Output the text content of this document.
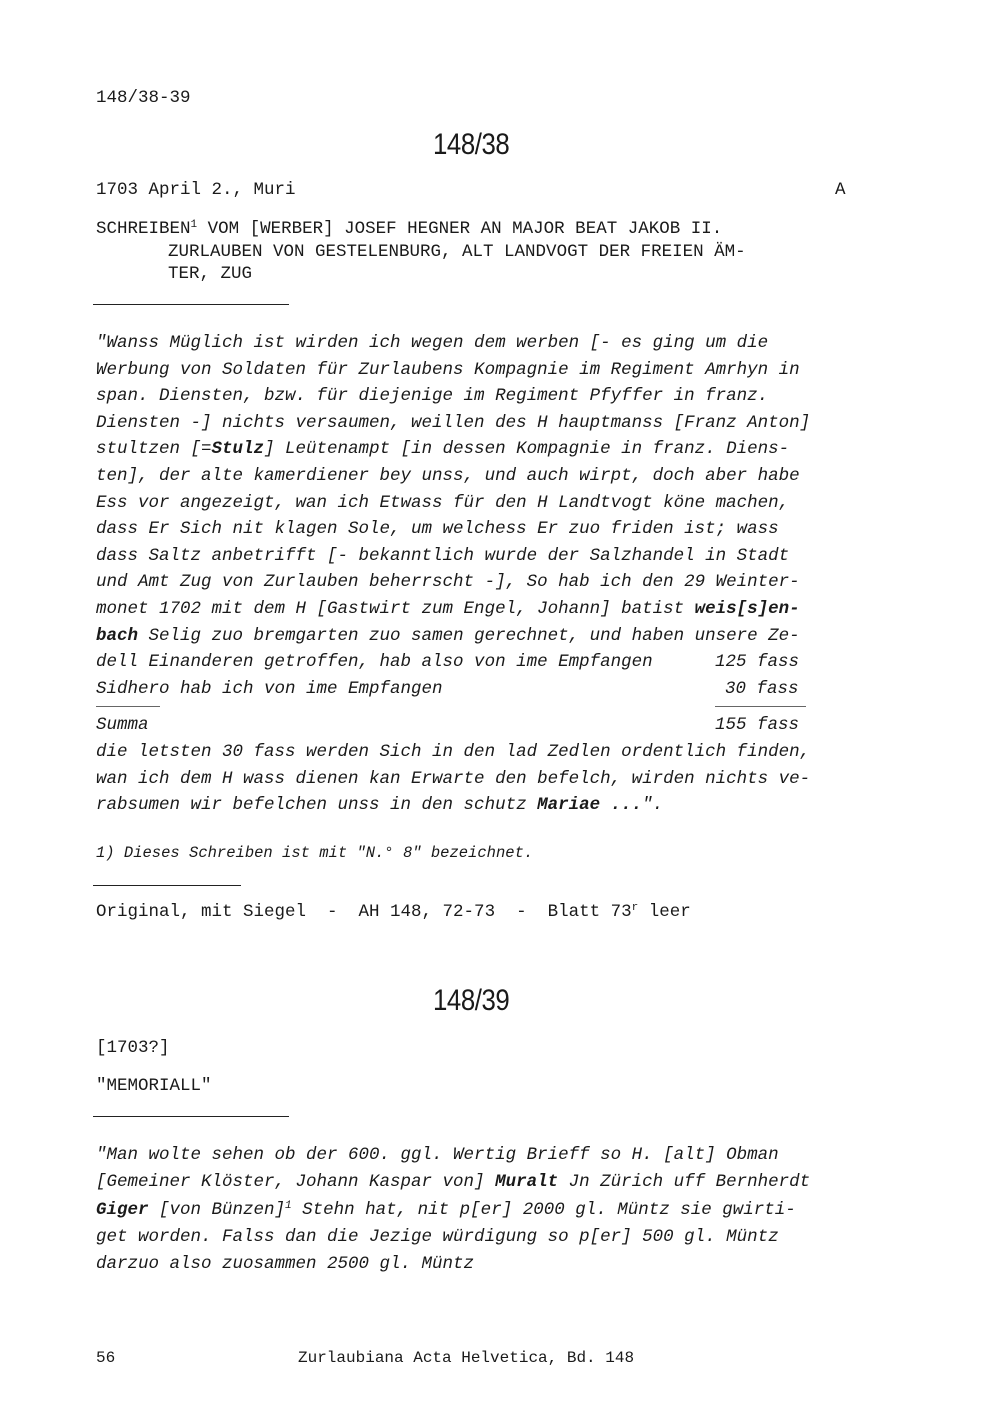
148/38-39
148/38
1703 April 2., Muri	A
SCHREIBEN$^1$ VOM [WERBER] JOSEF HEGNER AN MAJOR BEAT JAKOB II.
ZURLAUBEN VON GESTELENBURG, ALT LANDVOGT DER FREIEN ÄM-
TER, ZUG
"Wanss Müglich ist wirden ich wegen dem werben [- es ging um die
Werbung von Soldaten für Zurlaubens Kompagnie im Regiment Amrhyn in
span. Diensten, bzw. für diejenige im Regiment Pfyffer in franz.
Diensten -] nichts versaumen, weillen des H hauptmanss [Franz Anton]
stultzen [=Stulz] Leütenampt [in dessen Kompagnie in franz. Diens-
ten], der alte kamerdiener bey unss, und auch wirpt, doch aber habe
Ess vor angezeigt, wan ich Etwass für den H Landtvogt köne machen,
dass Er Sich nit klagen Sole, um welchess Er zuo friden ist; wass
dass Saltz anbetrifft [- bekanntlich wurde der Salzhandel in Stadt
und Amt Zug von Zurlauben beherrscht -], So hab ich den 29 Weinter-
monet 1702 mit dem H [Gastwirt zum Engel, Johann] batist weis[s]en-
bach Selig zuo bremgarten zuo samen gerechnet, und haben unsere Ze-
dell Einanderen getroffen, hab also von ime Empfangen	125 fass
Sidhero hab ich von ime Empfangen	30 fass
Summa	155 fass
die letsten 30 fass werden Sich in den lad Zedlen ordentlich finden,
wan ich dem H wass dienen kan Erwarte den befelch, wirden nichts ve-
rabsumen wir befelchen unss in den schutz Mariae ...".
1) Dieses Schreiben ist mit "N.° 8" bezeichnet.
Original, mit Siegel  -  AH 148, 72-73  -  Blatt 73$^r$ leer
148/39
[1703?]
"MEMORIALL"
"Man wolte sehen ob der 600. ggl. Wertig Brieff so H. [alt] Obman
[Gemeiner Klöster, Johann Kaspar von] Muralt Jn Zürich uff Bernherdt
Giger [von Bünzen]$^1$ Stehn hat, nit p[er] 2000 gl. Müntz sie gwirti-
get worden. Falss dan die Jezige würdigung so p[er] 500 gl. Müntz
darzuo also zuosammen 2500 gl. Müntz
56	Zurlaubiana Acta Helvetica, Bd. 148
